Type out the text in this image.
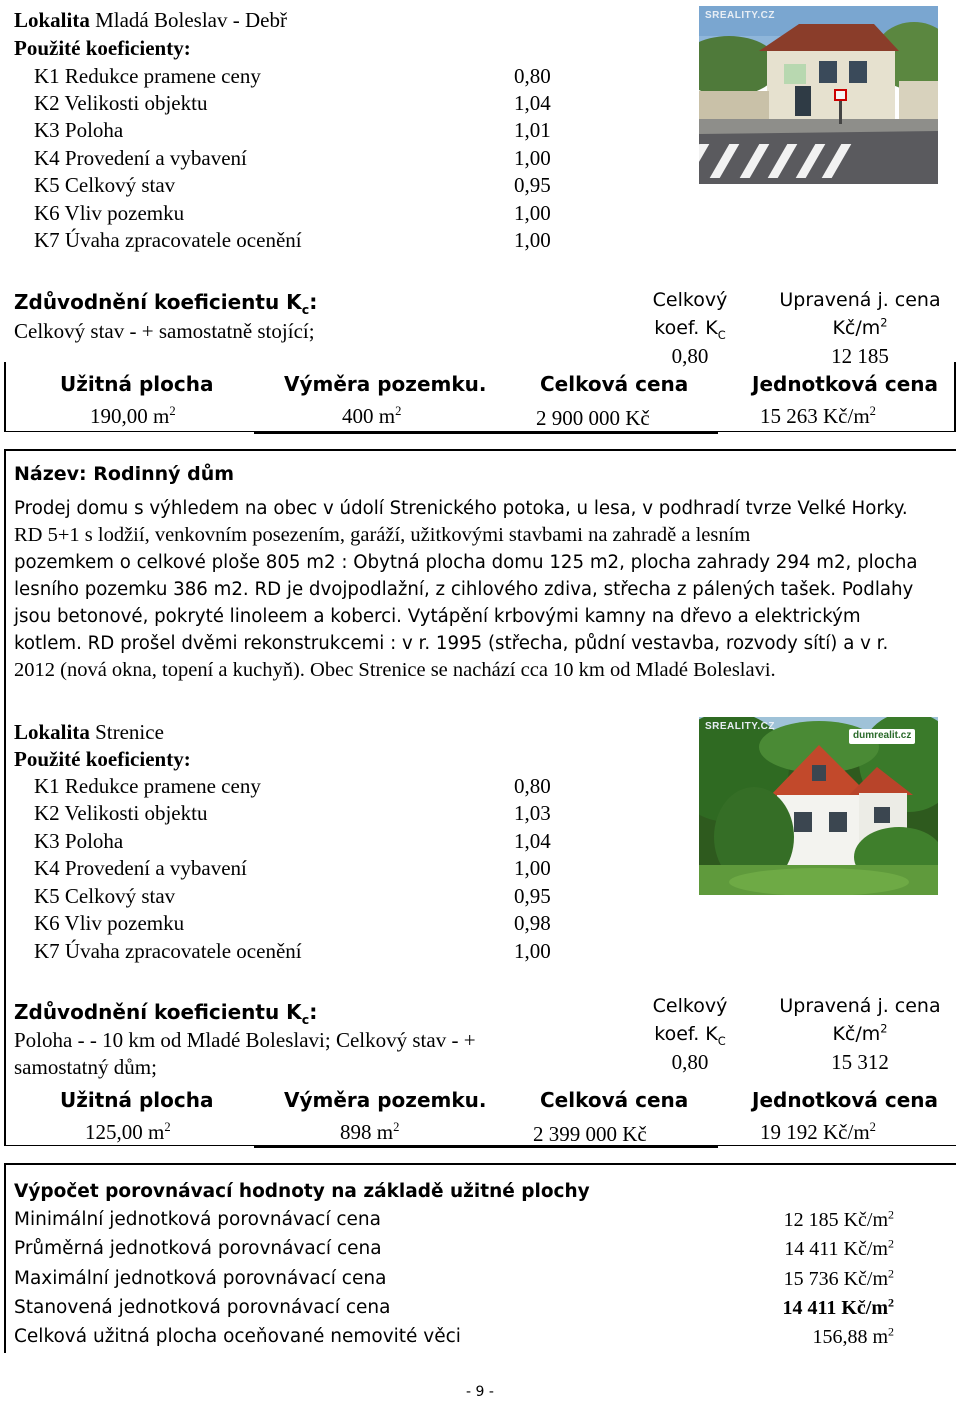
Lokalita Mladá Boleslav - Debř
Použité koeficienty:
K1 Redukce pramene ceny	0,80
K2 Velikosti objektu	1,04
K3 Poloha	1,01
K4 Provedení a vybavení	1,00
K5 Celkový stav	0,95
K6 Vliv pozemku	1,00
K7 Úvaha zpracovatele ocenění	1,00
SREALITY.CZ
Zdůvodnění koeficientu $K_c$:
Celkový stav - + samostatně stojící;
Celkový
koef. $K_C$
0,80
Upravená j. cena
$Kč/m^2$
12 185
Užitná plocha	Výměra pozemku.	Celková cena	Jednotková cena
190,00 $m^2$	400 $m^2$	2 900 000 Kč	15 263 $Kč/m^2$
Název: Rodinný dům
Prodej domu s výhledem na obec v údolí Strenického potoka, u lesa, v podhradí tvrze Velké Horky.
RD 5+1 s lodžií, venkovním posezením, garáží, užitkovými stavbami na zahradě a lesním
pozemkem o celkové ploše 805 m2 : Obytná plocha domu 125 m2, plocha zahrady 294 m2, plocha
lesního pozemku 386 m2. RD je dvojpodlažní, z cihlového zdiva, střecha z pálených tašek. Podlahy
jsou betonové, pokryté linoleem a koberci. Vytápění krbovými kamny na dřevo a elektrickým
kotlem. RD prošel dvěmi rekonstrukcemi : v r. 1995 (střecha, půdní vestavba, rozvody sítí) a v r.
2012 (nová okna, topení a kuchyň). Obec Strenice se nachází cca 10 km od Mladé Boleslavi.
Lokalita Strenice
Použité koeficienty:
K1 Redukce pramene ceny	0,80
K2 Velikosti objektu	1,03
K3 Poloha	1,04
K4 Provedení a vybavení	1,00
K5 Celkový stav	0,95
K6 Vliv pozemku	0,98
K7 Úvaha zpracovatele ocenění	1,00
SREALITY.CZ
dumrealit.cz
Zdůvodnění koeficientu $K_c$:
Poloha - - 10 km od Mladé Boleslavi; Celkový stav - +
samostatný dům;
Celkový
koef. $K_C$
0,80
Upravená j. cena
$Kč/m^2$
15 312
Užitná plocha	Výměra pozemku.	Celková cena	Jednotková cena
125,00 $m^2$	898 $m^2$	2 399 000 Kč	19 192 $Kč/m^2$
Výpočet porovnávací hodnoty na základě užitné plochy
Minimální jednotková porovnávací cena	12 185 $Kč/m^2$
Průměrná jednotková porovnávací cena	14 411 $Kč/m^2$
Maximální jednotková porovnávací cena	15 736 $Kč/m^2$
Stanovená jednotková porovnávací cena	14 411 $Kč/m^2$
Celková užitná plocha oceňované nemovité věci	156,88 $m^2$
- 9 -
